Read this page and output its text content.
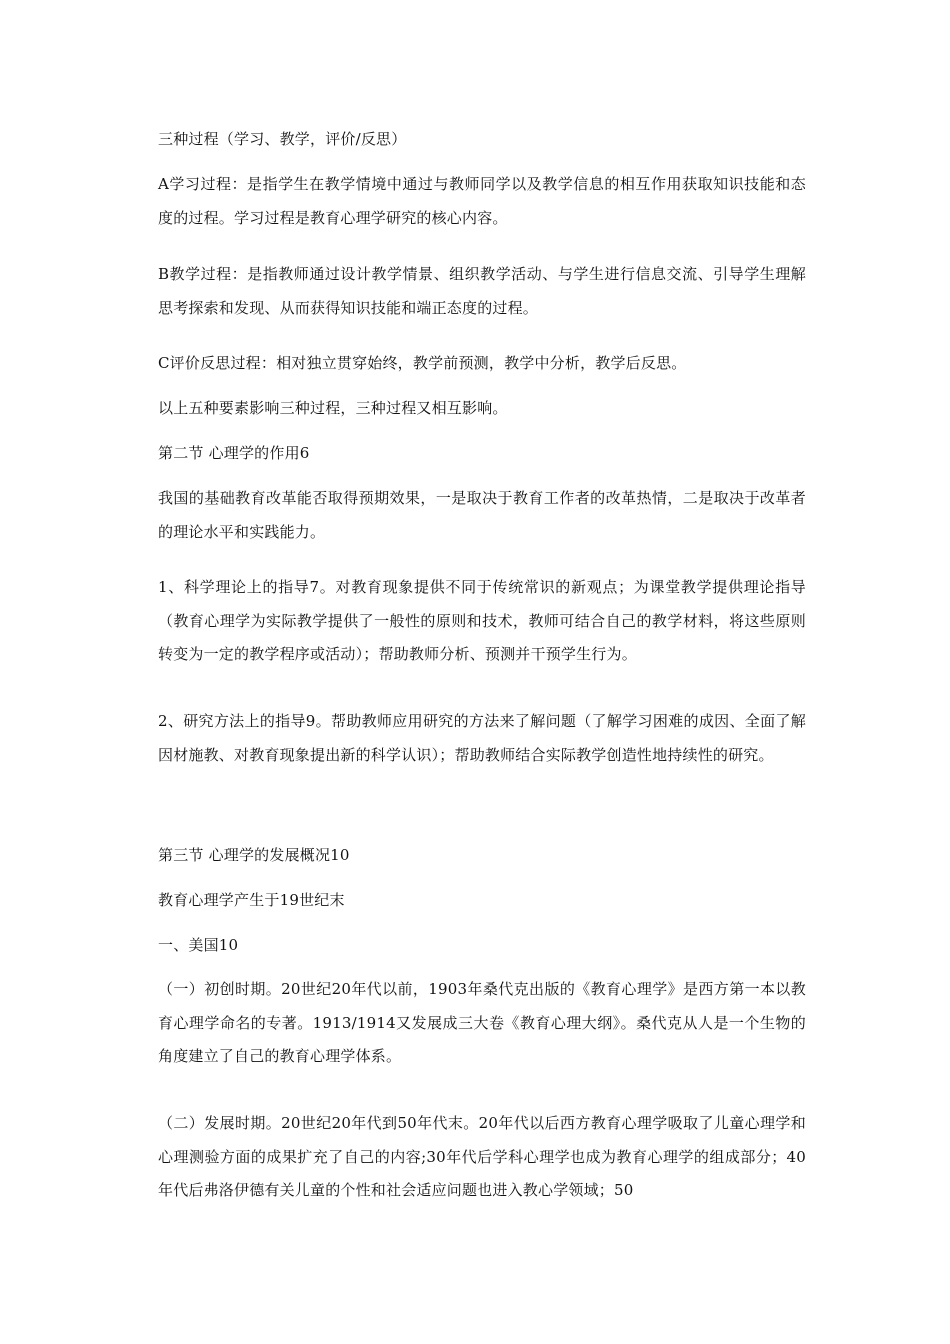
三种过程（学习、教学，评价/反思）

A学习过程：是指学生在教学情境中通过与教师同学以及教学信息的相互作用获取知识技能和态度的过程。学习过程是教育心理学研究的核心内容。

B教学过程：是指教师通过设计教学情景、组织教学活动、与学生进行信息交流、引导学生理解思考探索和发现、从而获得知识技能和端正态度的过程。

C评价反思过程：相对独立贯穿始终，教学前预测，教学中分析，教学后反思。

以上五种要素影响三种过程，三种过程又相互影响。

第二节 心理学的作用6

我国的基础教育改革能否取得预期效果，一是取决于教育工作者的改革热情，二是取决于改革者的理论水平和实践能力。

1、科学理论上的指导7。对教育现象提供不同于传统常识的新观点；为课堂教学提供理论指导（教育心理学为实际教学提供了一般性的原则和技术，教师可结合自己的教学材料，将这些原则转变为一定的教学程序或活动）；帮助教师分析、预测并干预学生行为。

2、研究方法上的指导9。帮助教师应用研究的方法来了解问题（了解学习困难的成因、全面了解因材施教、对教育现象提出新的科学认识）；帮助教师结合实际教学创造性地持续性的研究。

第三节 心理学的发展概况10

教育心理学产生于19世纪末

一、美国10

（一）初创时期。20世纪20年代以前，1903年桑代克出版的《教育心理学》是西方第一本以教育心理学命名的专著。1913/1914又发展成三大卷《教育心理大纲》。桑代克从人是一个生物的角度建立了自己的教育心理学体系。

（二）发展时期。20世纪20年代到50年代末。20年代以后西方教育心理学吸取了儿童心理学和心理测验方面的成果扩充了自己的内容;30年代后学科心理学也成为教育心理学的组成部分；40年代后弗洛伊德有关儿童的个性和社会适应问题也进入教心学领域；50
